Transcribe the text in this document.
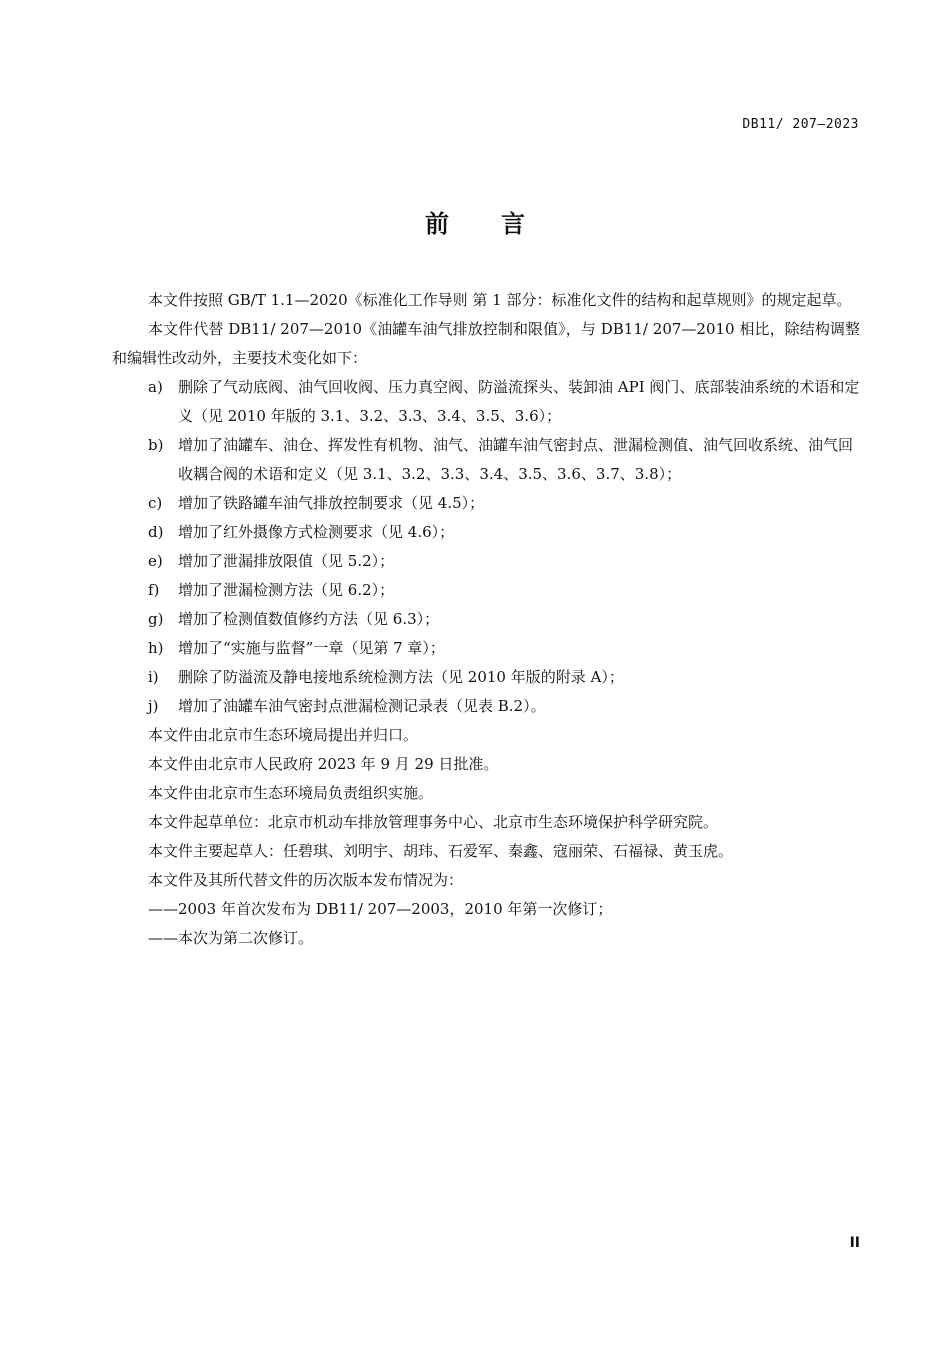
DB11/ 207—2023
前言

本文件按照 GB/T 1.1—2020《标准化工作导则 第 1 部分：标准化文件的结构和起草规则》的规定起草。

本文件代替 DB11/ 207—2010《油罐车油气排放控制和限值》，与 DB11/ 207—2010 相比，除结构调整和编辑性改动外，主要技术变化如下：

a) 删除了气动底阀、油气回收阀、压力真空阀、防溢流探头、装卸油 API 阀门、底部装油系统的术语和定义（见 2010 年版的 3.1、3.2、3.3、3.4、3.5、3.6）；

b) 增加了油罐车、油仓、挥发性有机物、油气、油罐车油气密封点、泄漏检测值、油气回收系统、油气回收耦合阀的术语和定义（见 3.1、3.2、3.3、3.4、3.5、3.6、3.7、3.8）；

c) 增加了铁路罐车油气排放控制要求（见 4.5）；

d) 增加了红外摄像方式检测要求（见 4.6）；

e) 增加了泄漏排放限值（见 5.2）；

f) 增加了泄漏检测方法（见 6.2）；

g) 增加了检测值数值修约方法（见 6.3）；

h) 增加了“实施与监督”一章（见第 7 章）；

i) 删除了防溢流及静电接地系统检测方法（见 2010 年版的附录 A）；

j) 增加了油罐车油气密封点泄漏检测记录表（见表 B.2）。

本文件由北京市生态环境局提出并归口。

本文件由北京市人民政府 2023 年 9 月 29 日批准。

本文件由北京市生态环境局负责组织实施。

本文件起草单位：北京市机动车排放管理事务中心、北京市生态环境保护科学研究院。

本文件主要起草人：任碧琪、刘明宇、胡玮、石爱军、秦鑫、寇丽荣、石福禄、黄玉虎。

本文件及其所代替文件的历次版本发布情况为：

——2003 年首次发布为 DB11/ 207—2003，2010 年第一次修订；

——本次为第二次修订。

II
